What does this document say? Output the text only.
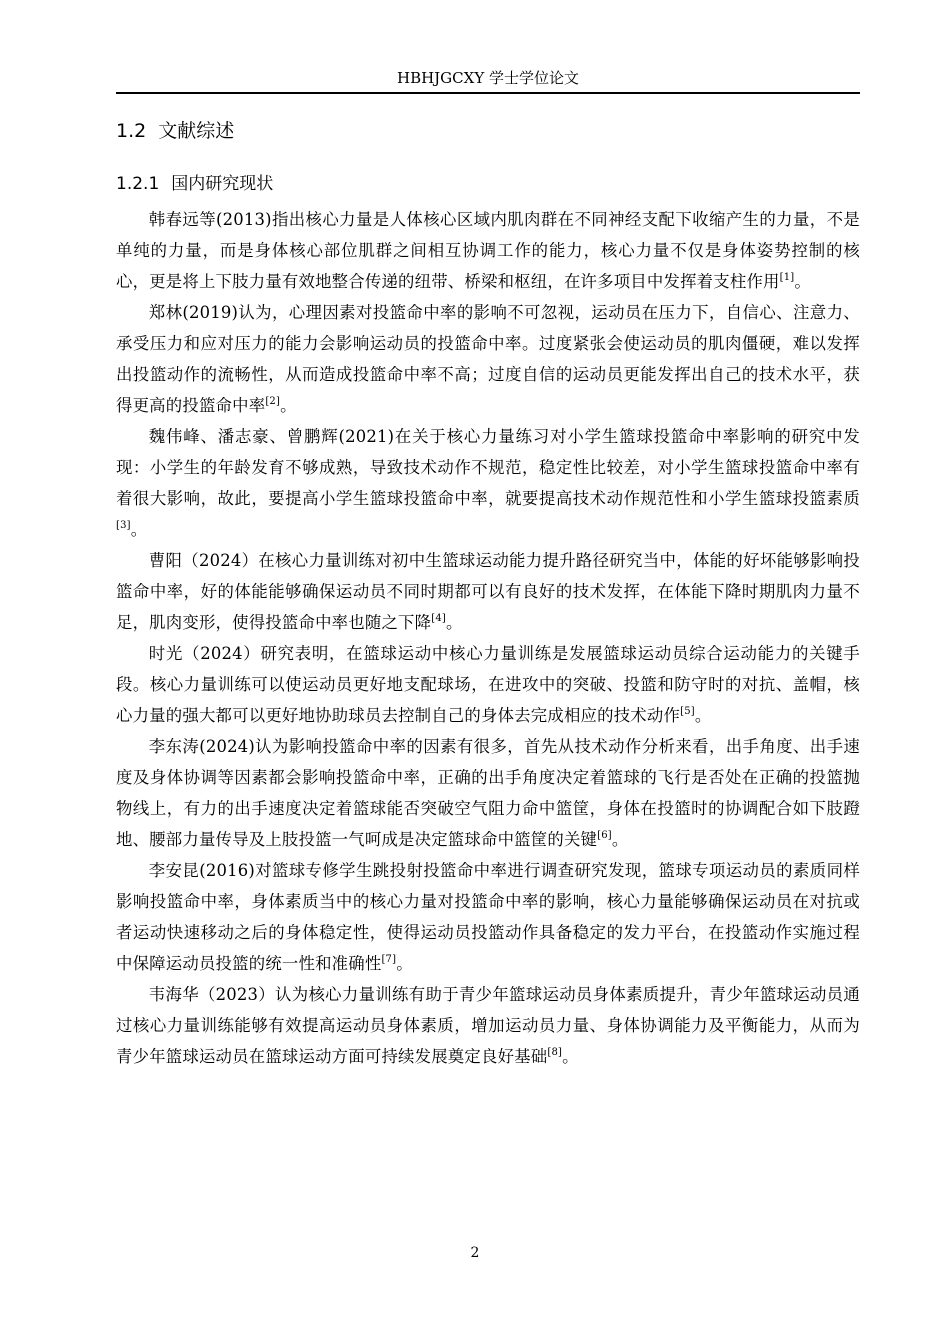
HBHJGCXY 学士学位论文
1.2 文献综述
1.2.1 国内研究现状

韩春远等(2013)指出核心力量是人体核心区域内肌肉群在不同神经支配下收缩产生的力量，不是单纯的力量，而是身体核心部位肌群之间相互协调工作的能力，核心力量不仅是身体姿势控制的核心，更是将上下肢力量有效地整合传递的纽带、桥梁和枢纽，在许多项目中发挥着支柱作用[1]。

郑林(2019)认为，心理因素对投篮命中率的影响不可忽视，运动员在压力下，自信心、注意力、承受压力和应对压力的能力会影响运动员的投篮命中率。过度紧张会使运动员的肌肉僵硬，难以发挥出投篮动作的流畅性，从而造成投篮命中率不高；过度自信的运动员更能发挥出自己的技术水平，获得更高的投篮命中率[2]。

魏伟峰、潘志豪、曾鹏辉(2021)在关于核心力量练习对小学生篮球投篮命中率影响的研究中发现：小学生的年龄发育不够成熟，导致技术动作不规范，稳定性比较差，对小学生篮球投篮命中率有着很大影响，故此，要提高小学生篮球投篮命中率，就要提高技术动作规范性和小学生篮球投篮素质[3]。

曹阳（2024）在核心力量训练对初中生篮球运动能力提升路径研究当中，体能的好坏能够影响投篮命中率，好的体能能够确保运动员不同时期都可以有良好的技术发挥，在体能下降时期肌肉力量不足，肌肉变形，使得投篮命中率也随之下降[4]。

时光（2024）研究表明，在篮球运动中核心力量训练是发展篮球运动员综合运动能力的关键手段。核心力量训练可以使运动员更好地支配球场，在进攻中的突破、投篮和防守时的对抗、盖帽，核心力量的强大都可以更好地协助球员去控制自己的身体去完成相应的技术动作[5]。

李东涛(2024)认为影响投篮命中率的因素有很多，首先从技术动作分析来看，出手角度、出手速度及身体协调等因素都会影响投篮命中率，正确的出手角度决定着篮球的飞行是否处在正确的投篮抛物线上，有力的出手速度决定着篮球能否突破空气阻力命中篮筐，身体在投篮时的协调配合如下肢蹬地、腰部力量传导及上肢投篮一气呵成是决定篮球命中篮筐的关键[6]。

李安昆(2016)对篮球专修学生跳投射投篮命中率进行调查研究发现，篮球专项运动员的素质同样影响投篮命中率，身体素质当中的核心力量对投篮命中率的影响，核心力量能够确保运动员在对抗或者运动快速移动之后的身体稳定性，使得运动员投篮动作具备稳定的发力平台，在投篮动作实施过程中保障运动员投篮的统一性和准确性[7]。

韦海华（2023）认为核心力量训练有助于青少年篮球运动员身体素质提升，青少年篮球运动员通过核心力量训练能够有效提高运动员身体素质，增加运动员力量、身体协调能力及平衡能力，从而为青少年篮球运动员在篮球运动方面可持续发展奠定良好基础[8]。

2
